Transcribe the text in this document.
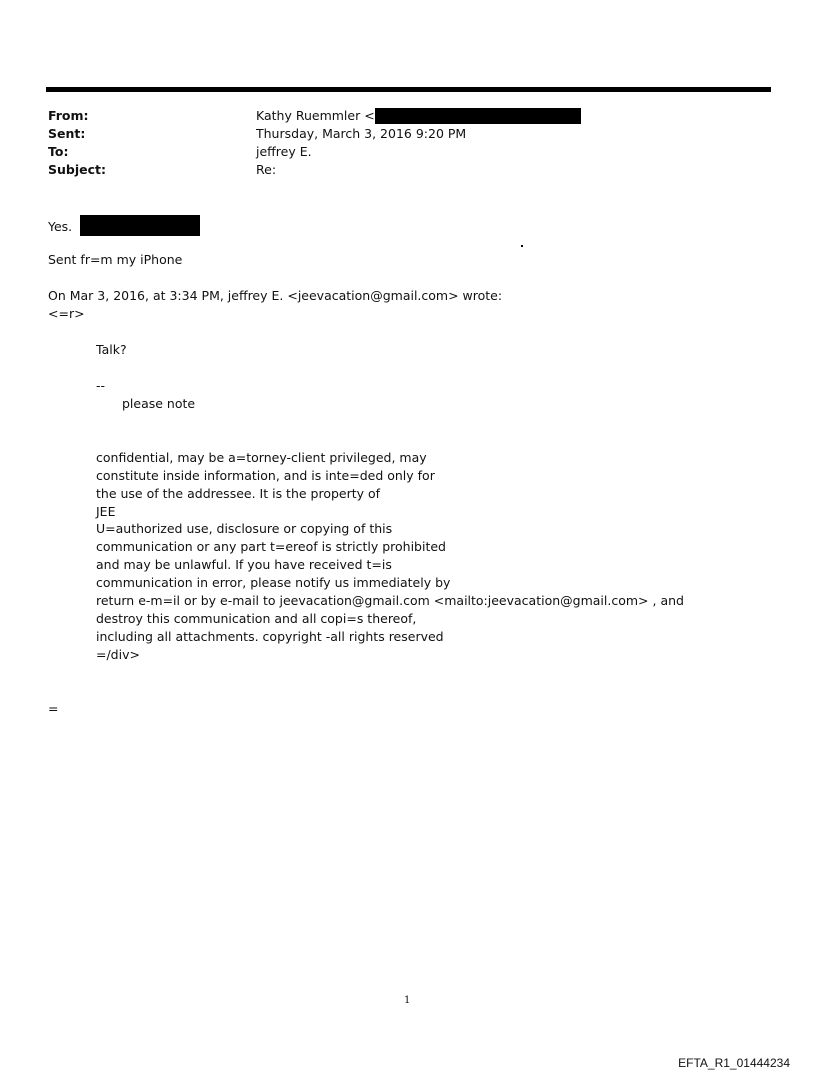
From:	Kathy Ruemmler <
Sent:	Thursday, March 3, 2016 9:20 PM
To:	jeffrey E.
Subject:	Re:
Yes.
Sent fr=m my iPhone
On Mar 3, 2016, at 3:34 PM, jeffrey E. <jeevacation@gmail.com> wrote:
<=r>
Talk?
--
please note
confidential, may be a=torney-client privileged, may
constitute inside information, and is inte=ded only for
the use of the addressee. It is the property of
JEE
U=authorized use, disclosure or copying of this
communication or any part t=ereof is strictly prohibited
and may be unlawful. If you have received t=is
communication in error, please notify us immediately by
return e-m=il or by e-mail to jeevacation@gmail.com <mailto:jeevacation@gmail.com> , and
destroy this communication and all copi=s thereof,
including all attachments. copyright -all rights reserved
=/div>
=
1
EFTA_R1_01444234
